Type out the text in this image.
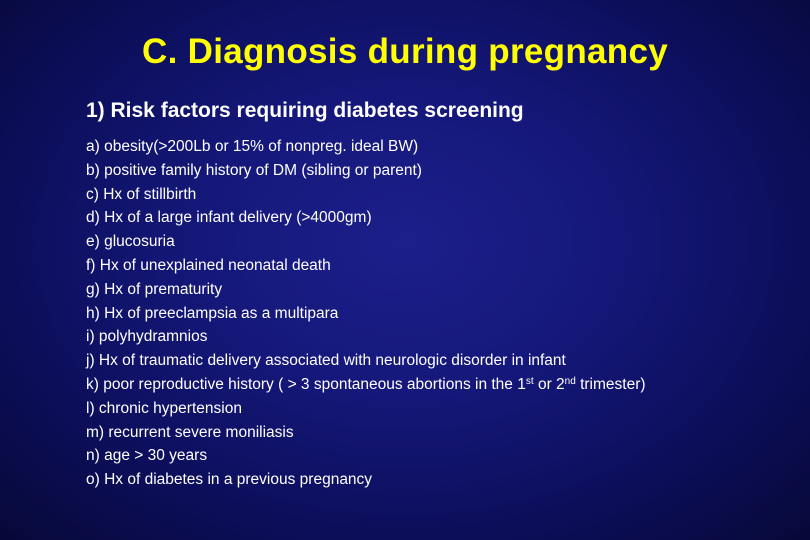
C. Diagnosis during pregnancy
1) Risk factors requiring diabetes screening
a) obesity(>200Lb or 15% of nonpreg. ideal BW)
b) positive family history of DM (sibling or parent)
c) Hx of stillbirth
d) Hx of a large infant delivery (>4000gm)
e) glucosuria
f) Hx of unexplained neonatal death
g) Hx of prematurity
h) Hx of preeclampsia as a multipara
i) polyhydramnios
j) Hx of traumatic delivery associated with neurologic disorder in infant
k) poor reproductive history ( > 3 spontaneous abortions in the 1st or 2nd trimester)
l) chronic hypertension
m) recurrent severe moniliasis
n) age > 30 years
o) Hx of diabetes in a previous pregnancy
